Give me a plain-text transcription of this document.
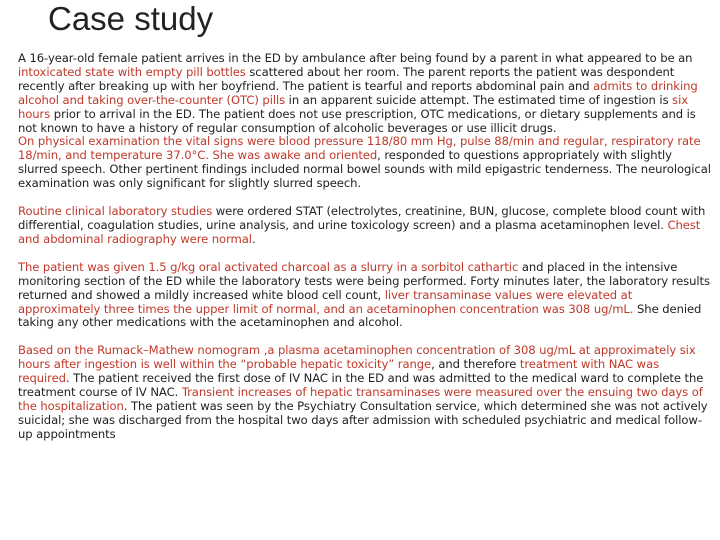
Case study

A 16-year-old female patient arrives in the ED by ambulance after being found by a parent in what appeared to be an intoxicated state with empty pill bottles scattered about her room. The parent reports the patient was despondent recently after breaking up with her boyfriend. The patient is tearful and reports abdominal pain and admits to drinking alcohol and taking over-the-counter (OTC) pills in an apparent suicide attempt. The estimated time of ingestion is six hours prior to arrival in the ED. The patient does not use prescription, OTC medications, or dietary supplements and is not known to have a history of regular consumption of alcoholic beverages or use illicit drugs.

On physical examination the vital signs were blood pressure 118/80 mm Hg, pulse 88/min and regular, respiratory rate 18/min, and temperature 37.0°C. She was awake and oriented, responded to questions appropriately with slightly slurred speech. Other pertinent findings included normal bowel sounds with mild epigastric tenderness. The neurological examination was only significant for slightly slurred speech.

Routine clinical laboratory studies were ordered STAT (electrolytes, creatinine, BUN, glucose, complete blood count with differential, coagulation studies, urine analysis, and urine toxicology screen) and a plasma acetaminophen level. Chest and abdominal radiography were normal.

The patient was given 1.5 g/kg oral activated charcoal as a slurry in a sorbitol cathartic and placed in the intensive monitoring section of the ED while the laboratory tests were being performed. Forty minutes later, the laboratory results returned and showed a mildly increased white blood cell count, liver transaminase values were elevated at approximately three times the upper limit of normal, and an acetaminophen concentration was 308 ug/mL. She denied taking any other medications with the acetaminophen and alcohol.

Based on the Rumack–Mathew nomogram ,a plasma acetaminophen concentration of 308 ug/mL at approximately six hours after ingestion is well within the “probable hepatic toxicity” range, and therefore treatment with NAC was required. The patient received the first dose of IV NAC in the ED and was admitted to the medical ward to complete the treatment course of IV NAC. Transient increases of hepatic transaminases were measured over the ensuing two days of the hospitalization. The patient was seen by the Psychiatry Consultation service, which determined she was not actively suicidal; she was discharged from the hospital two days after admission with scheduled psychiatric and medical follow-up appointments
